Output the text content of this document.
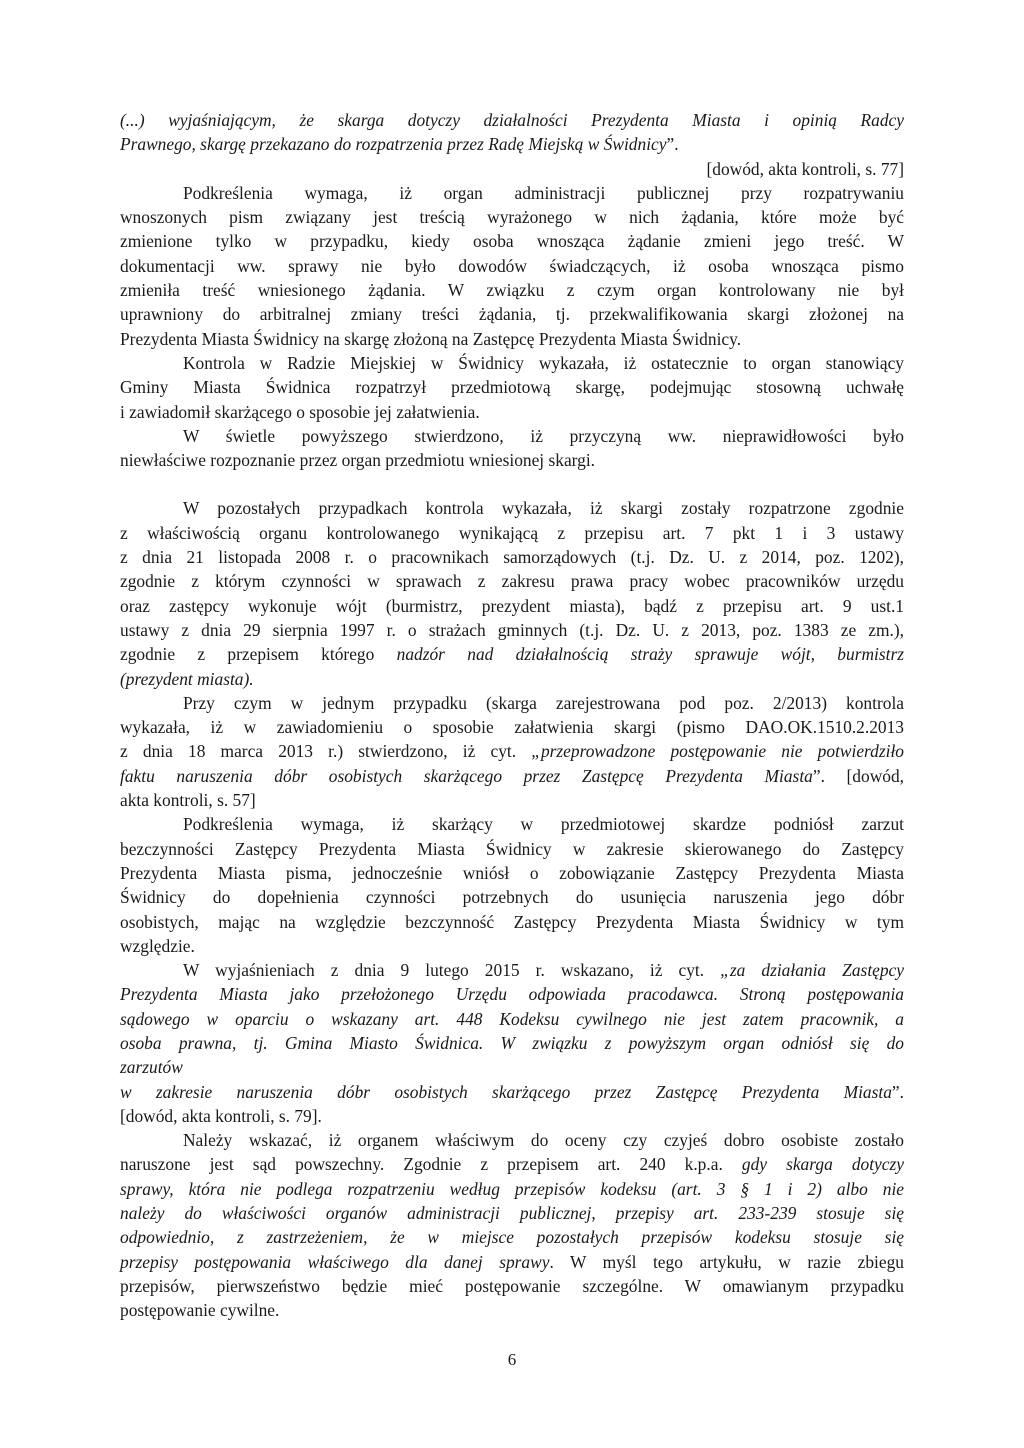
(...) wyjaśniającym, że skarga dotyczy działalności Prezydenta Miasta i opinią Radcy
Prawnego, skargę przekazano do rozpatrzenia przez Radę Miejską w Świdnicy”.
[dowód, akta kontroli, s. 77]
Podkreślenia wymaga, iż organ administracji publicznej przy rozpatrywaniu
wnoszonych pism związany jest treścią wyrażonego w nich żądania, które może być
zmienione tylko w przypadku, kiedy osoba wnosząca żądanie zmieni jego treść. W
dokumentacji ww. sprawy nie było dowodów świadczących, iż osoba wnosząca pismo
zmieniła treść wniesionego żądania. W związku z czym organ kontrolowany nie był
uprawniony do arbitralnej zmiany treści żądania, tj. przekwalifikowania skargi złożonej na
Prezydenta Miasta Świdnicy na skargę złożoną na Zastępcę Prezydenta Miasta Świdnicy.
Kontrola w Radzie Miejskiej w Świdnicy wykazała, iż ostatecznie to organ stanowiący
Gminy Miasta Świdnica rozpatrzył przedmiotową skargę, podejmując stosowną uchwałę
i zawiadomił skarżącego o sposobie jej załatwienia.
W świetle powyższego stwierdzono, iż przyczyną ww. nieprawidłowości było
niewłaściwe rozpoznanie przez organ przedmiotu wniesionej skargi.
W pozostałych przypadkach kontrola wykazała, iż skargi zostały rozpatrzone zgodnie
z właściwością organu kontrolowanego wynikającą z przepisu art. 7 pkt 1 i 3 ustawy
z dnia 21 listopada 2008 r. o pracownikach samorządowych (t.j. Dz. U. z 2014, poz. 1202),
zgodnie z którym czynności w sprawach z zakresu prawa pracy wobec pracowników urzędu
oraz zastępcy wykonuje wójt (burmistrz, prezydent miasta), bądź z przepisu art. 9 ust.1
ustawy z dnia 29 sierpnia 1997 r. o strażach gminnych (t.j. Dz. U. z 2013, poz. 1383 ze zm.),
zgodnie z przepisem którego nadzór nad działalnością straży sprawuje wójt, burmistrz
(prezydent miasta).
Przy czym w jednym przypadku (skarga zarejestrowana pod poz. 2/2013) kontrola
wykazała, iż w zawiadomieniu o sposobie załatwienia skargi (pismo DAO.OK.1510.2.2013
z dnia 18 marca 2013 r.) stwierdzono, iż cyt. „przeprowadzone postępowanie nie potwierdziło
faktu naruszenia dóbr osobistych skarżącego przez Zastępcę Prezydenta Miasta”. [dowód,
akta kontroli, s. 57]
Podkreślenia wymaga, iż skarżący w przedmiotowej skardze podniósł zarzut
bezczynności Zastępcy Prezydenta Miasta Świdnicy w zakresie skierowanego do Zastępcy
Prezydenta Miasta pisma, jednocześnie wniósł o zobowiązanie Zastępcy Prezydenta Miasta
Świdnicy do dopełnienia czynności potrzebnych do usunięcia naruszenia jego dóbr
osobistych, mając na względzie bezczynność Zastępcy Prezydenta Miasta Świdnicy w tym
względzie.
W wyjaśnieniach z dnia 9 lutego 2015 r. wskazano, iż cyt. „za działania Zastępcy
Prezydenta Miasta jako przełożonego Urzędu odpowiada pracodawca. Stroną postępowania
sądowego w oparciu o wskazany art. 448 Kodeksu cywilnego nie jest zatem pracownik, a
osoba prawna, tj. Gmina Miasto Świdnica. W związku z powyższym organ odniósł się do
zarzutów
w zakresie naruszenia dóbr osobistych skarżącego przez Zastępcę Prezydenta Miasta”.
[dowód, akta kontroli, s. 79].
Należy wskazać, iż organem właściwym do oceny czy czyjeś dobro osobiste zostało
naruszone jest sąd powszechny. Zgodnie z przepisem art. 240 k.p.a. gdy skarga dotyczy
sprawy, która nie podlega rozpatrzeniu według przepisów kodeksu (art. 3 § 1 i 2) albo nie
należy do właściwości organów administracji publicznej, przepisy art. 233-239 stosuje się
odpowiednio, z zastrzeżeniem, że w miejsce pozostałych przepisów kodeksu stosuje się
przepisy postępowania właściwego dla danej sprawy. W myśl tego artykułu, w razie zbiegu
przepisów, pierwszeństwo będzie mieć postępowanie szczególne. W omawianym przypadku
postępowanie cywilne.
6
